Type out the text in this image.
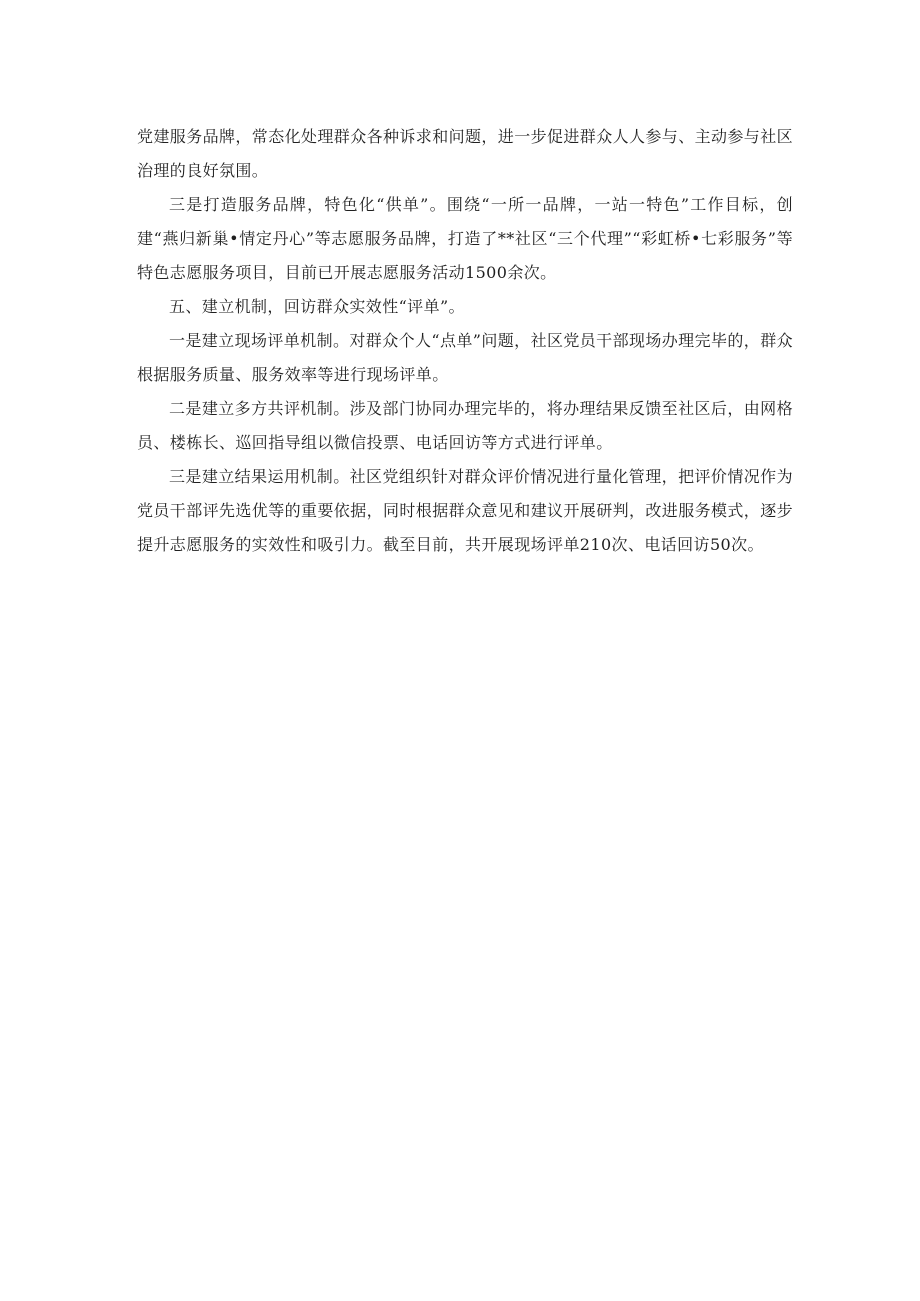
党建服务品牌，常态化处理群众各种诉求和问题，进一步促进群众人人参与、主动参与社区治理的良好氛围。

三是打造服务品牌，特色化“供单”。围绕“一所一品牌，一站一特色”工作目标，创建“燕归新巢•情定丹心”等志愿服务品牌，打造了**社区“三个代理”“彩虹桥•七彩服务”等特色志愿服务项目，目前已开展志愿服务活动1500余次。

五、建立机制，回访群众实效性“评单”。

一是建立现场评单机制。对群众个人“点单”问题，社区党员干部现场办理完毕的，群众根据服务质量、服务效率等进行现场评单。

二是建立多方共评机制。涉及部门协同办理完毕的，将办理结果反馈至社区后，由网格员、楼栋长、巡回指导组以微信投票、电话回访等方式进行评单。

三是建立结果运用机制。社区党组织针对群众评价情况进行量化管理，把评价情况作为党员干部评先选优等的重要依据，同时根据群众意见和建议开展研判，改进服务模式，逐步提升志愿服务的实效性和吸引力。截至目前，共开展现场评单210次、电话回访50次。
